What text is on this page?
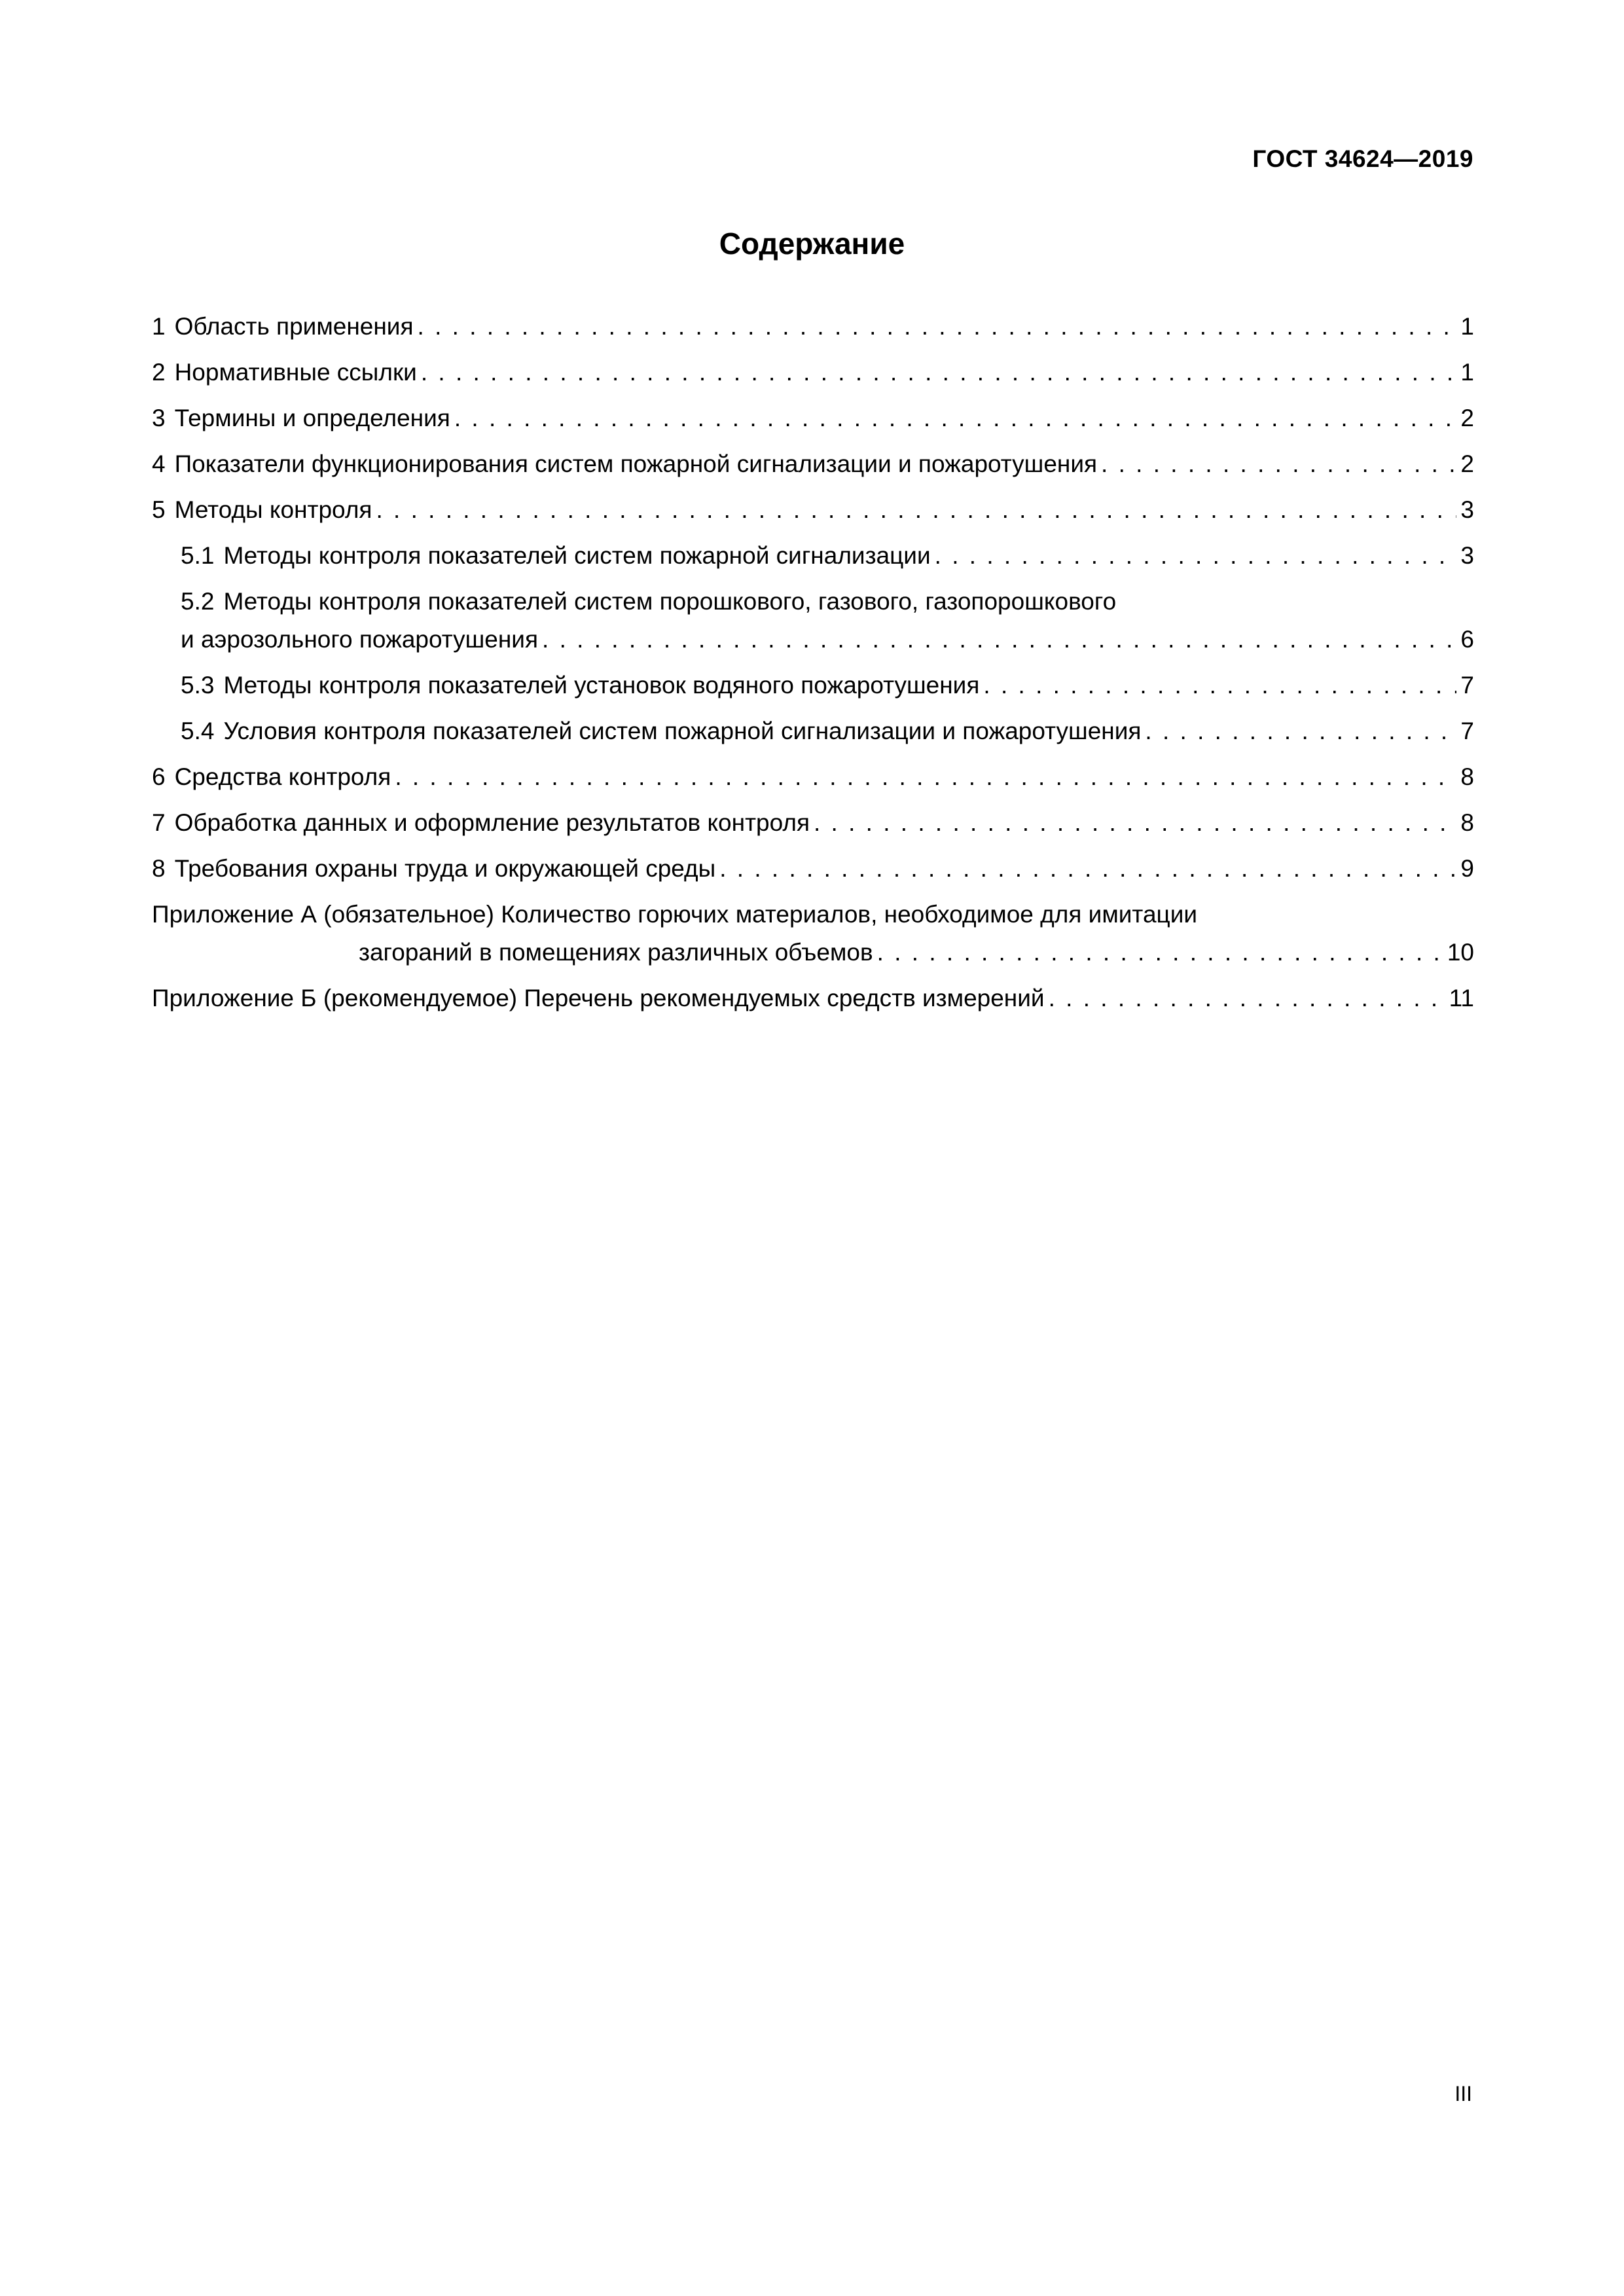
ГОСТ 34624—2019
Содержание
1 Область применения . . .	1
2 Нормативные ссылки . . .	1
3 Термины и определения . . .	2
4 Показатели функционирования систем пожарной сигнализации и пожаротушения . . .	2
5 Методы контроля . . .	3
5.1 Методы контроля показателей систем пожарной сигнализации . . .	3
5.2 Методы контроля показателей систем порошкового, газового, газопорошкового
и аэрозольного пожаротушения . . .	6
5.3 Методы контроля показателей установок водяного пожаротушения . . .	7
5.4 Условия контроля показателей систем пожарной сигнализации и пожаротушения . . .	7
6 Средства контроля . . .	8
7 Обработка данных и оформление результатов контроля . . .	8
8 Требования охраны труда и окружающей среды . . .	9
Приложение А (обязательное) Количество горючих материалов, необходимое для имитации
загораний в помещениях различных объемов . . .	10
Приложение Б (рекомендуемое) Перечень рекомендуемых средств измерений . . .	11
III
